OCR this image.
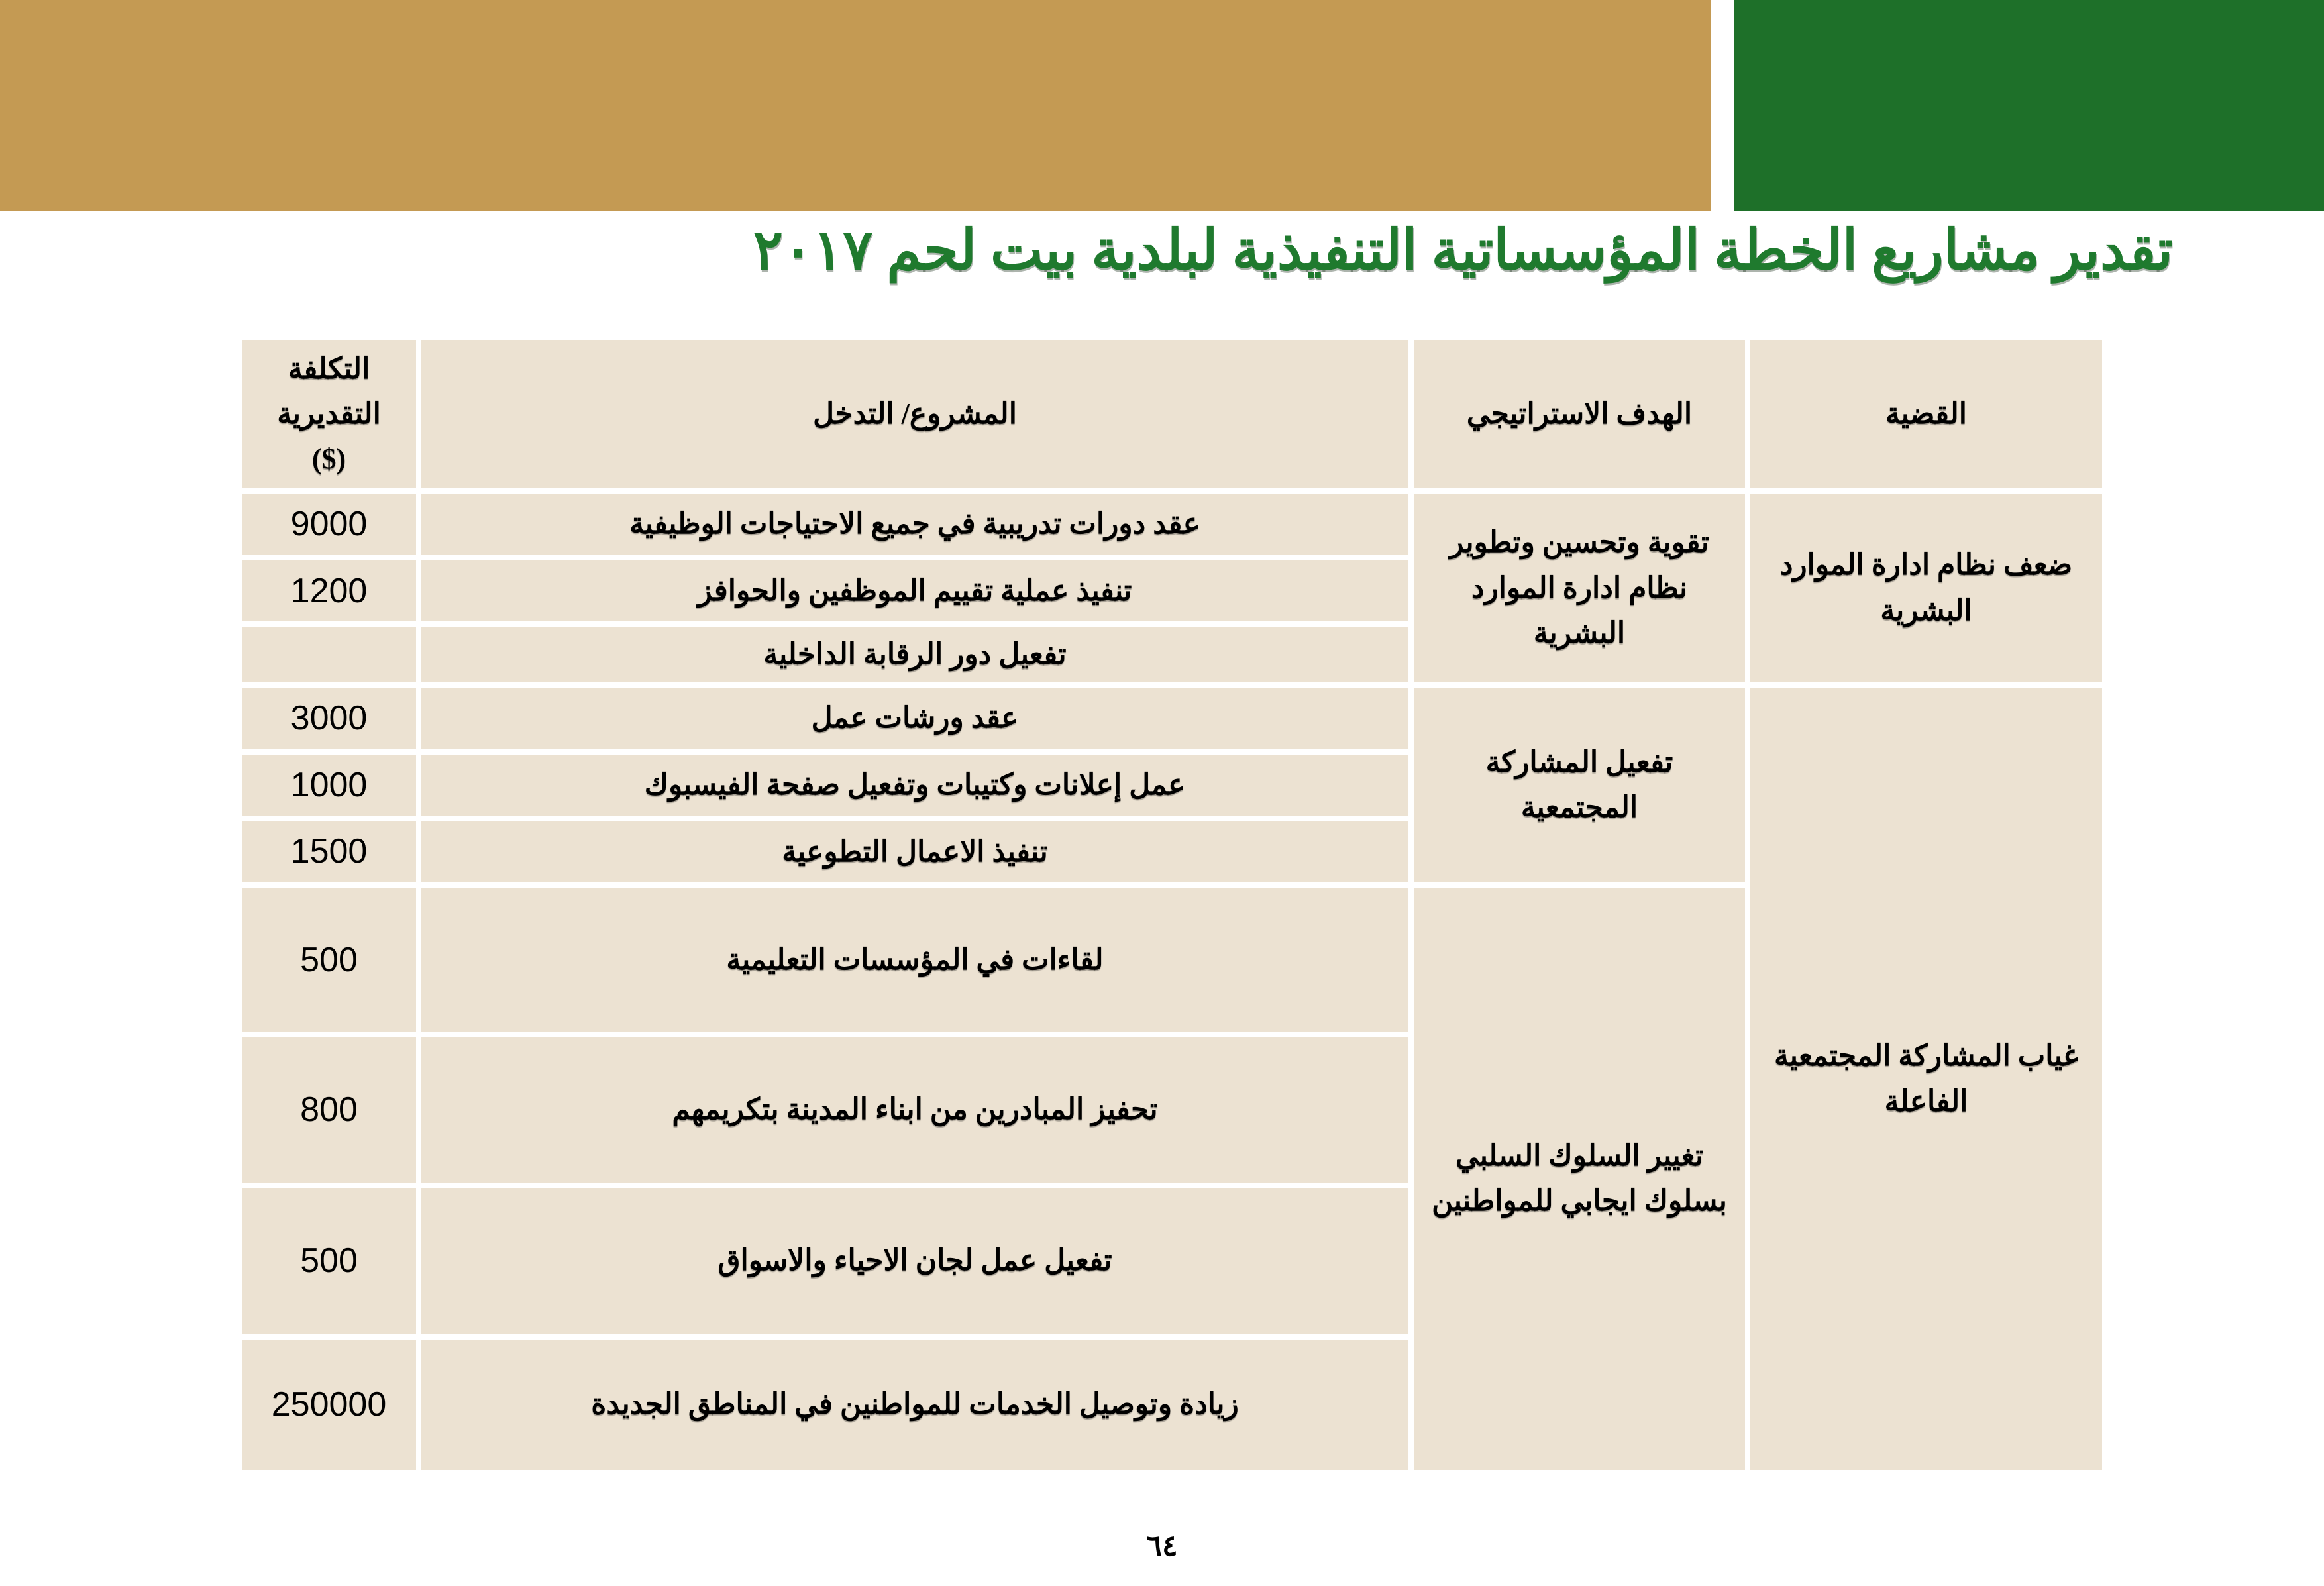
تقدير مشاريع الخطة المؤسساتية التنفيذية لبلدية بيت لحم ٢٠١٧
القضية	الهدف الاستراتيجي	المشروع/ التدخل	التكلفة التقديرية ($)
ضعف نظام ادارة الموارد البشرية	تقوية وتحسين وتطوير نظام ادارة الموارد البشرية	عقد دورات تدريبية في جميع الاحتياجات الوظيفية	9000
		تنفيذ عملية تقييم الموظفين والحوافز	1200
		تفعيل دور الرقابة الداخلية	
غياب المشاركة المجتمعية الفاعلة	تفعيل المشاركة المجتمعية	عقد ورشات عمل	3000
		عمل إعلانات وكتيبات وتفعيل صفحة الفيسبوك	1000
		تنفيذ الاعمال التطوعية	1500
	تغيير السلوك السلبي بسلوك ايجابي للمواطنين	لقاءات في المؤسسات التعليمية	500
		تحفيز المبادرين من ابناء المدينة بتكريمهم	800
		تفعيل عمل لجان الاحياء والاسواق	500
		زيادة وتوصيل الخدمات للمواطنين في المناطق الجديدة	250000
٦٤
